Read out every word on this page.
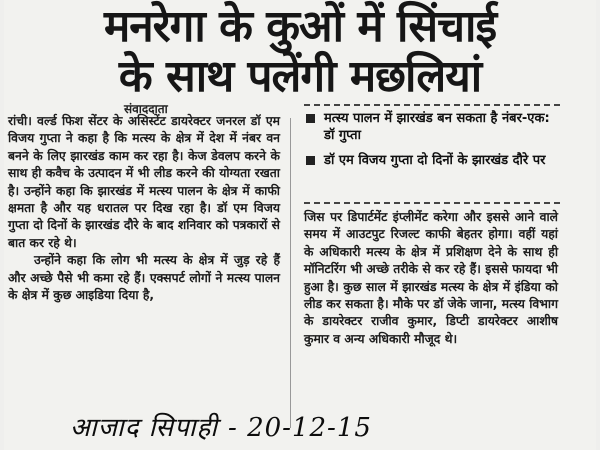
मनरेगा के कुओं में सिंचाई
के साथ पलेंगी मछलियां
संवाददाता

रांची। वर्ल्ड फिश सेंटर के असिस्टेंट डायरेक्टर जनरल डॉ एम विजय गुप्ता ने कहा है कि मत्स्य के क्षेत्र में देश में नंबर वन बनने के लिए झारखंड काम कर रहा है। केज डेवलप करने के साथ ही कवैच के उत्पादन में भी लीड करने की योग्यता रखता है। उन्होंने कहा कि झारखंड में मत्स्य पालन के क्षेत्र में काफी क्षमता है और यह धरातल पर दिख रहा है। डॉ एम विजय गुप्ता दो दिनों के झारखंड दौरे के बाद शनिवार को पत्रकारों से बात कर रहे थे।

उन्होंने कहा कि लोग भी मत्स्य के क्षेत्र में जुड़ रहे हैं और अच्छे पैसे भी कमा रहे हैं। एक्सपर्ट लोगों ने मत्स्य पालन के क्षेत्र में कुछ आइडिया दिया है,

मत्स्य पालन में झारखंड बन सकता है नंबर-एक: डॉ गुप्ता
डॉ एम विजय गुप्ता दो दिनों के झारखंड दौरे पर

जिस पर डिपार्टमेंट इंप्लीमेंट करेगा और इससे आने वाले समय में आउटपुट रिजल्ट काफी बेहतर होगा। वहीं यहां के अधिकारी मत्स्य के क्षेत्र में प्रशिक्षण देने के साथ ही मॉनिटरिंग भी अच्छे तरीके से कर रहे हैं। इससे फायदा भी हुआ है। कुछ साल में झारखंड मत्स्य के क्षेत्र में इंडिया को लीड कर सकता है। मौके पर डॉ जेके जाना, मत्स्य विभाग के डायरेक्टर राजीव कुमार, डिप्टी डायरेक्टर आशीष कुमार व अन्य अधिकारी मौजूद थे।

आजाद सिपाही - 20-12-15
